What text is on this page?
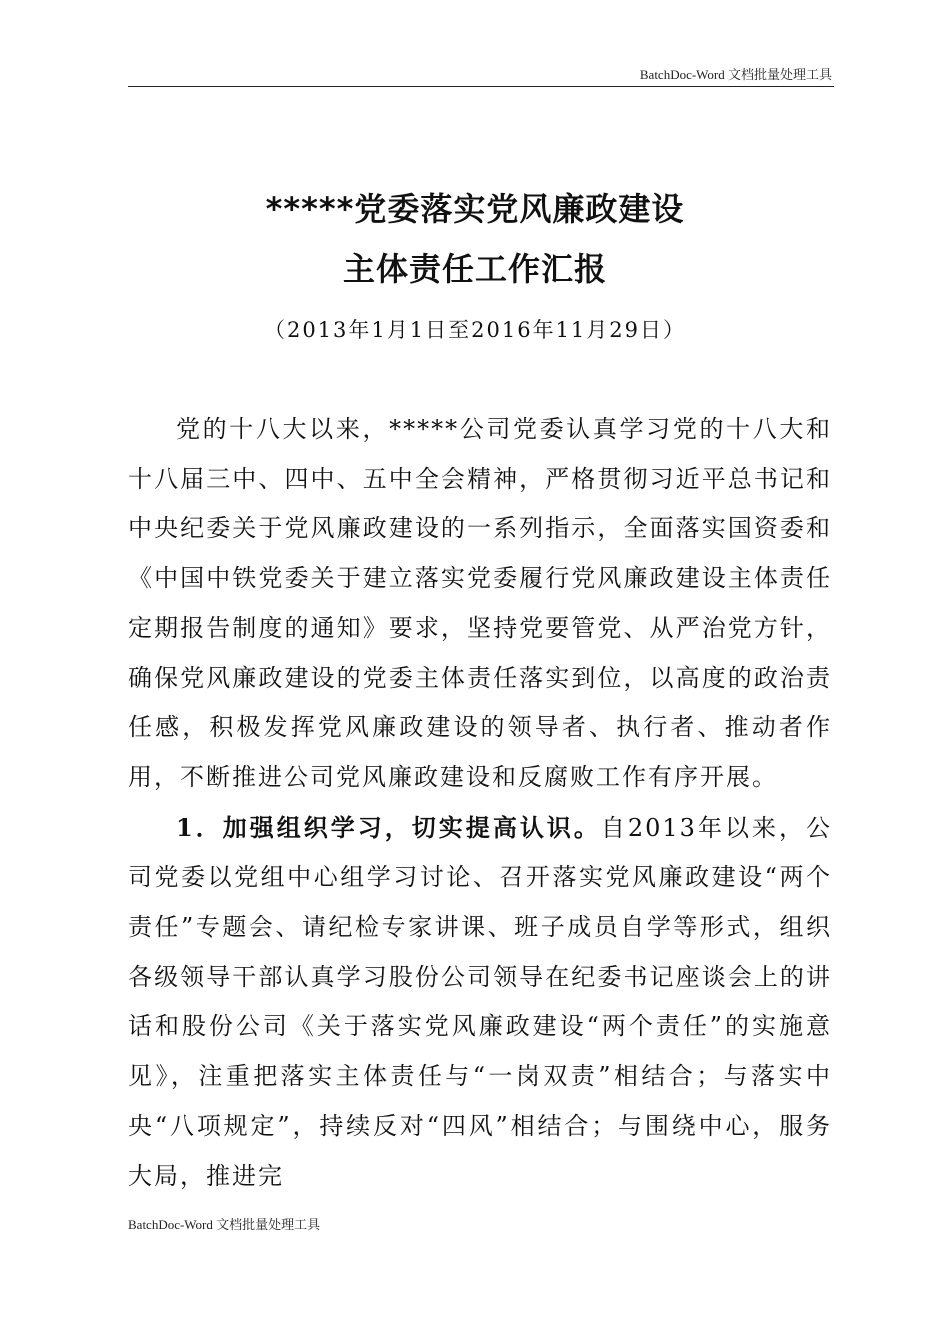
BatchDoc-Word 文档批量处理工具
*****党委落实党风廉政建设
主体责任工作汇报
（2013年1月1日至2016年11月29日）

党的十八大以来，*****公司党委认真学习党的十八大和十八届三中、四中、五中全会精神，严格贯彻习近平总书记和中央纪委关于党风廉政建设的一系列指示，全面落实国资委和《中国中铁党委关于建立落实党委履行党风廉政建设主体责任定期报告制度的通知》要求，坚持党要管党、从严治党方针，确保党风廉政建设的党委主体责任落实到位，以高度的政治责任感，积极发挥党风廉政建设的领导者、执行者、推动者作用，不断推进公司党风廉政建设和反腐败工作有序开展。

1．加强组织学习，切实提高认识。自2013年以来，公司党委以党组中心组学习讨论、召开落实党风廉政建设“两个责任”专题会、请纪检专家讲课、班子成员自学等形式，组织各级领导干部认真学习股份公司领导在纪委书记座谈会上的讲话和股份公司《关于落实党风廉政建设“两个责任”的实施意见》，注重把落实主体责任与“一岗双责”相结合；与落实中央“八项规定”，持续反对“四风”相结合；与围绕中心，服务大局，推进完

BatchDoc-Word 文档批量处理工具
